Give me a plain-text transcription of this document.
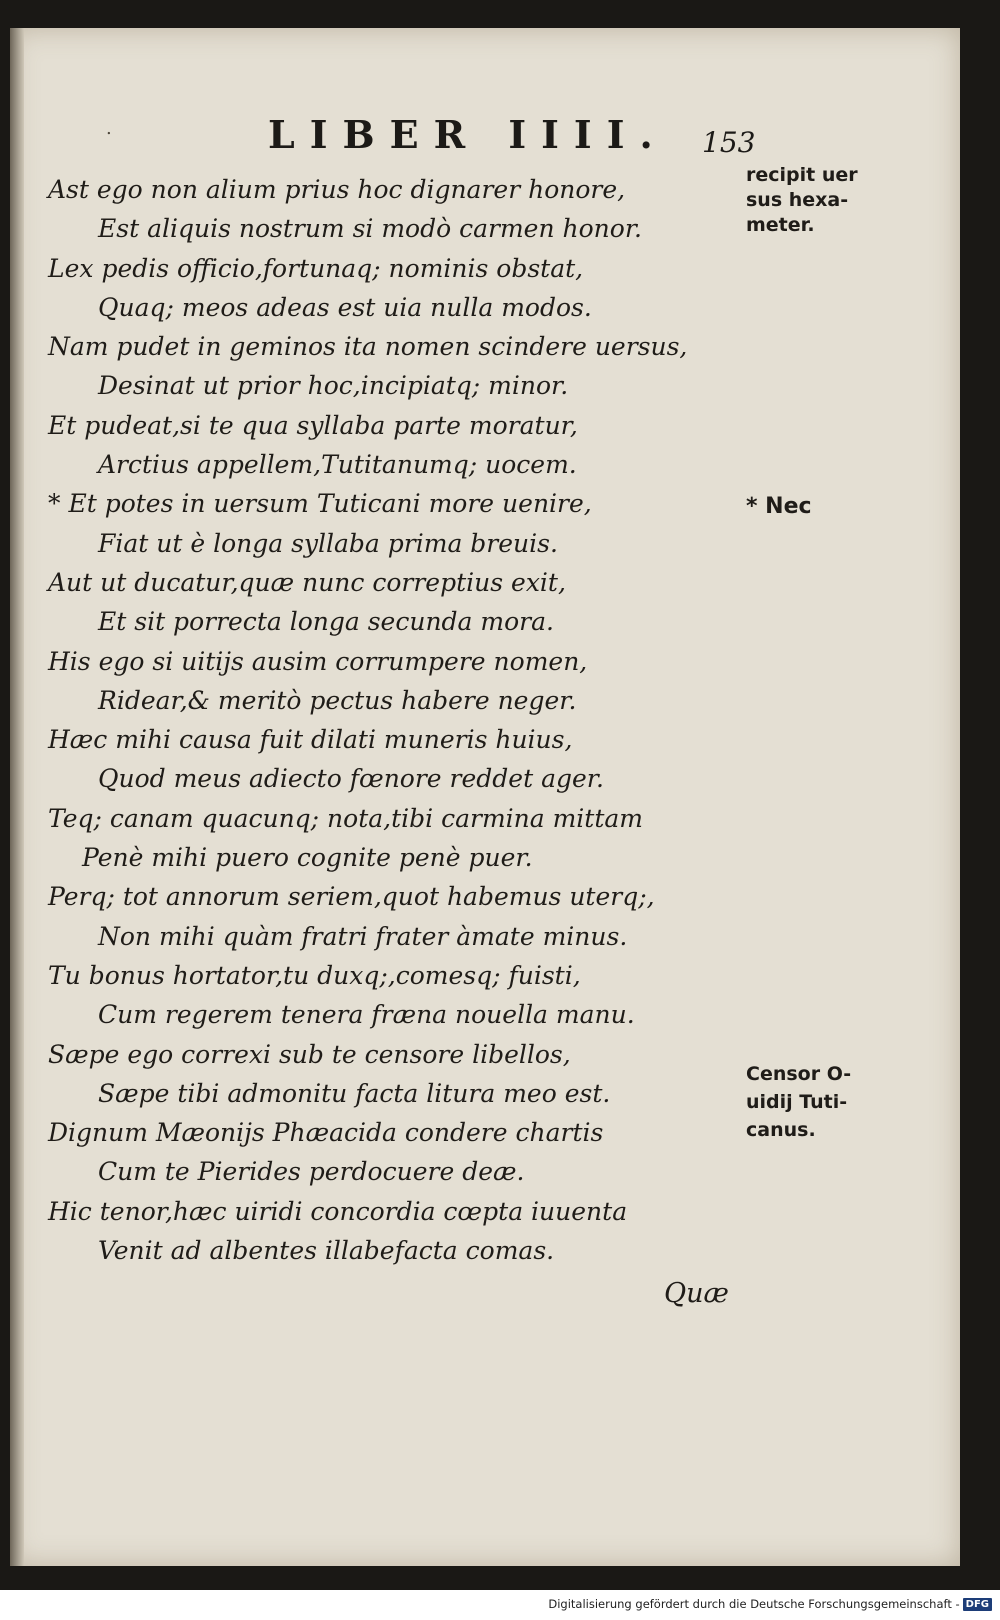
.	LIBER IIII. 153
Ast ego non alium prius hoc dignarer honore,
Est aliquis nostrum si modò carmen honor.
Lex pedis officio,fortunaq; nominis obstat,
Quaq; meos adeas est uia nulla modos.
Nam pudet in geminos ita nomen scindere uersus,
Desinat ut prior hoc,incipiatq; minor.
Et pudeat,si te qua syllaba parte moratur,
Arctius appellem,Tutitanumq; uocem.
* Et potes in uersum Tuticani more uenire,
Fiat ut è longa syllaba prima breuis.
Aut ut ducatur,quæ nunc correptius exit,
Et sit porrecta longa secunda mora.
His ego si uitijs ausim corrumpere nomen,
Ridear,& meritò pectus habere neger.
Hæc mihi causa fuit dilati muneris huius,
Quod meus adiecto fœnore reddet ager.
Teq; canam quacunq; nota,tibi carmina mittam
Penè mihi puero cognite penè puer.
Perq; tot annorum seriem,quot habemus uterq;,
Non mihi quàm fratri frater àmate minus.
Tu bonus hortator,tu duxq;,comesq; fuisti,
Cum regerem tenera fræna nouella manu.
Sæpe ego correxi sub te censore libellos,
Sæpe tibi admonitu facta litura meo est.
Dignum Mæonijs Phæacida condere chartis
Cum te Pierides perdocuere deæ.
Hic tenor,hæc uiridi concordia cœpta iuuenta
Venit ad albentes illabefacta comas.
recipit uer
sus hexa-
meter.
* Nec
Censor O-
uidij Tuti-
canus.
Quæ
Digitalisierung gefördert durch die Deutsche Forschungsgemeinschaft - DFG
